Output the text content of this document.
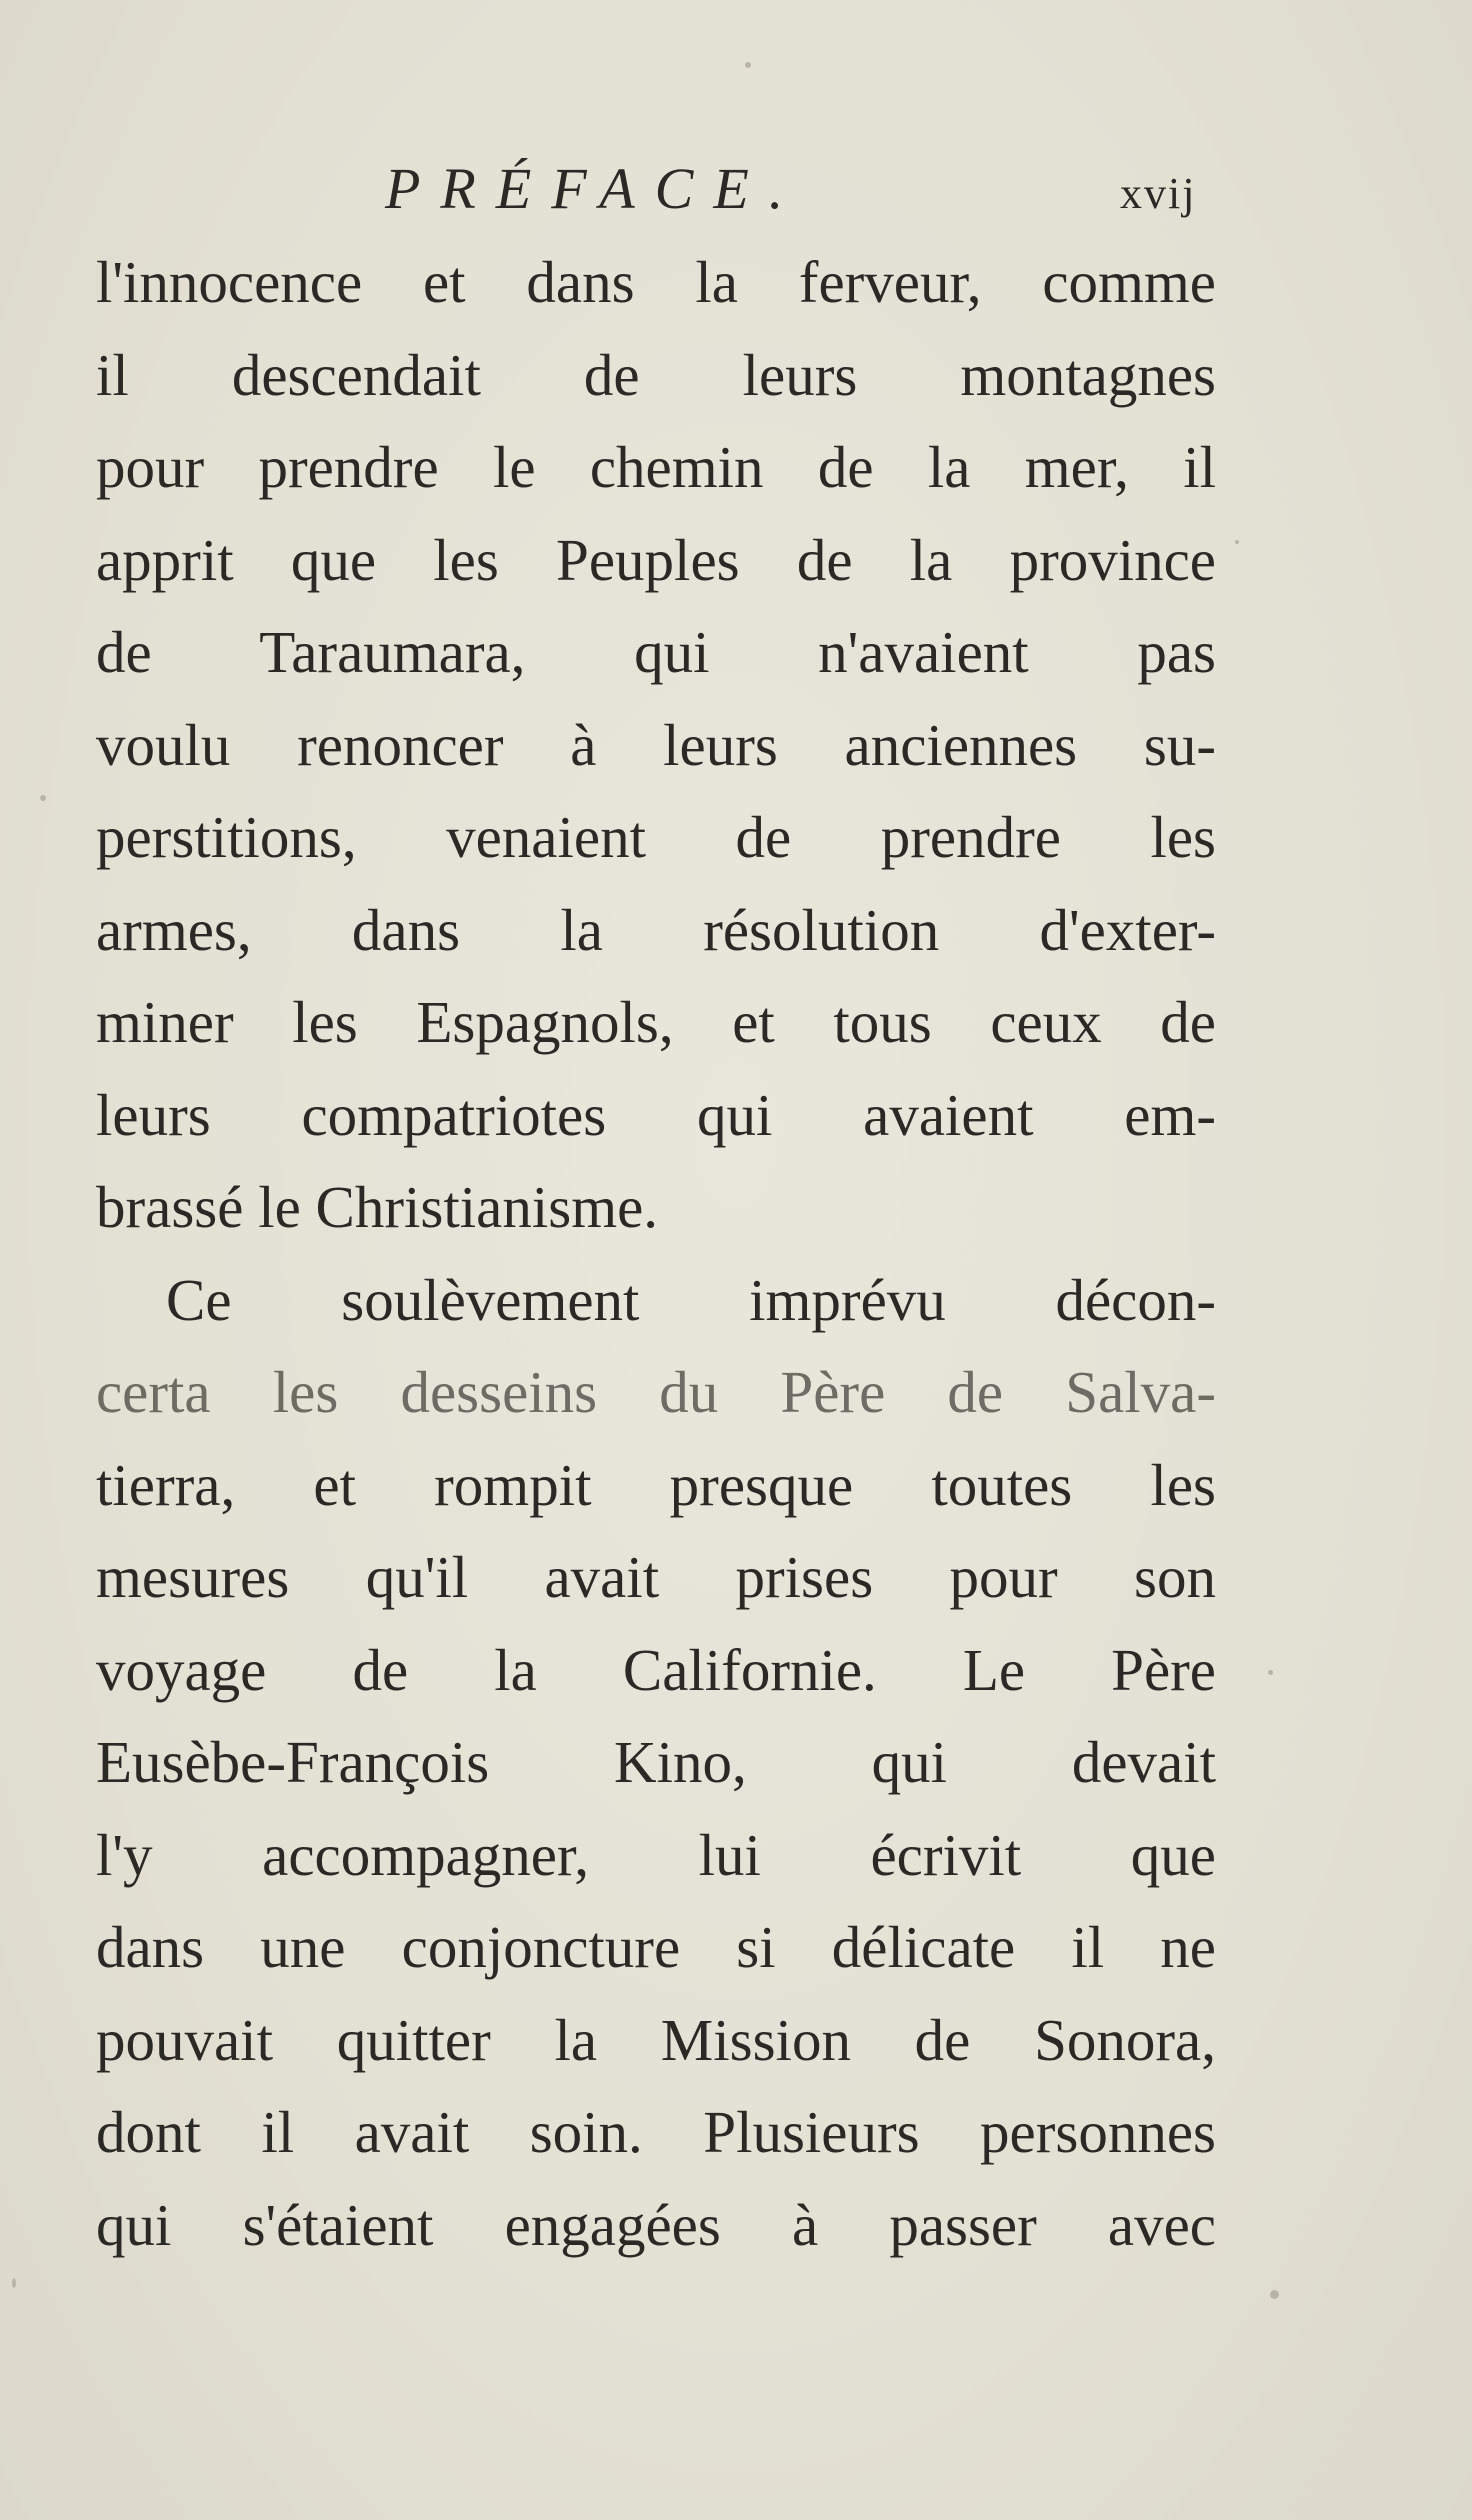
PRÉFACE.	xvij
l'innocence et dans la ferveur, comme
il descendait de leurs montagnes
pour prendre le chemin de la mer, il
apprit que les Peuples de la province
de Taraumara, qui n'avaient pas
voulu renoncer à leurs anciennes su-
perstitions, venaient de prendre les
armes, dans la résolution d'exter-
miner les Espagnols, et tous ceux de
leurs compatriotes qui avaient em-
brassé le Christianisme.
Ce soulèvement imprévu décon-
certa les desseins du Père de Salva-
tierra, et rompit presque toutes les
mesures qu'il avait prises pour son
voyage de la Californie. Le Père
Eusèbe-François Kino, qui devait
l'y accompagner, lui écrivit que
dans une conjoncture si délicate il ne
pouvait quitter la Mission de Sonora,
dont il avait soin. Plusieurs personnes
qui s'étaient engagées à passer avec
